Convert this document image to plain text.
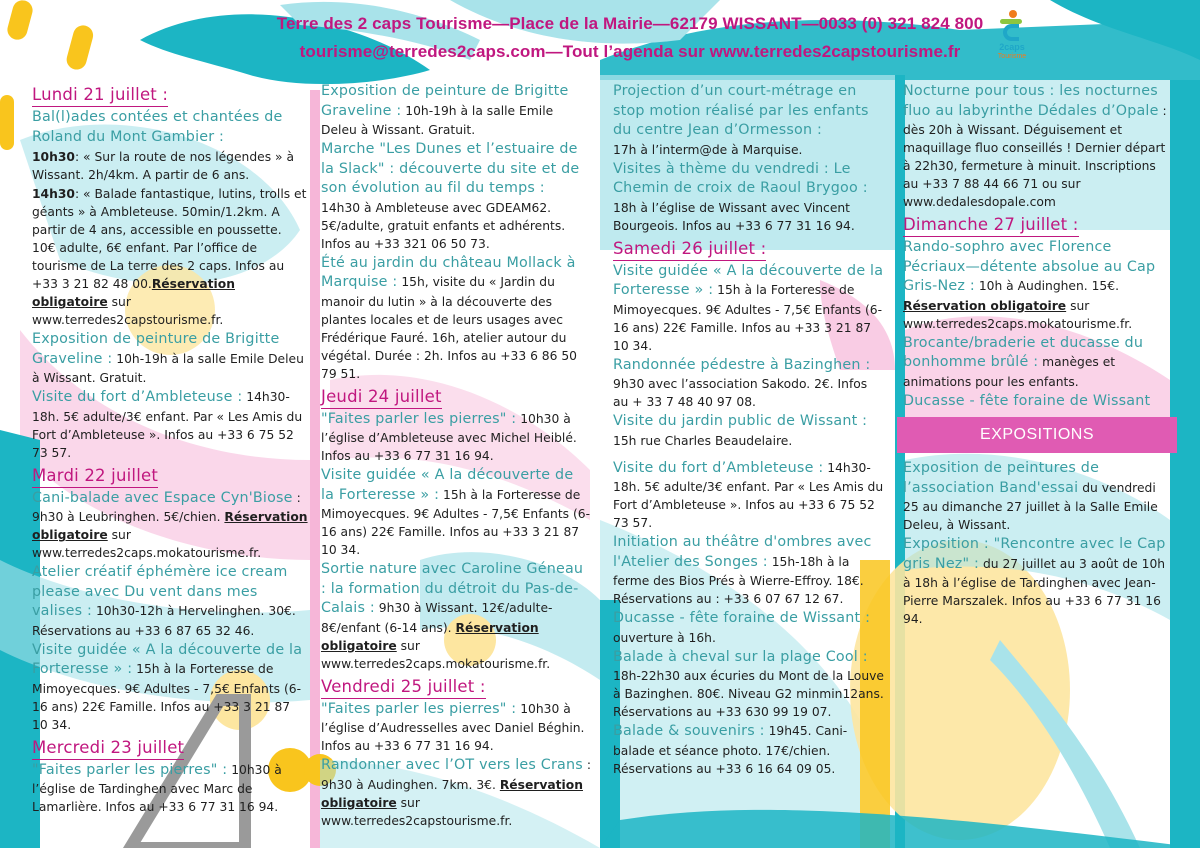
Terre des 2 caps Tourisme—Place de la Mairie—62179 WISSANT—0033 (0) 321 824 800
tourisme@terredes2caps.com—Tout l’agenda sur www.terredes2capstourisme.fr	2caps
Tourisme
Lundi 21 juillet :
Bal(l)ades contées et chantées de Roland du Mont Gambier :
10h30: « Sur la route de nos légendes » à Wissant. 2h/4km. A partir de 6 ans.
14h30: « Balade fantastique, lutins, trolls et géants » à Ambleteuse. 50min/1.2km. A partir de 4 ans, accessible en poussette. 10€ adulte, 6€ enfant. Par l’office de tourisme de La terre des 2 caps. Infos au +33 3 21 82 48 00.Réservation obligatoire sur www.terredes2capstourisme.fr.
Exposition de peinture de Brigitte Graveline : 10h-19h à la salle Emile Deleu à Wissant. Gratuit.
Visite du fort d’Ambleteuse : 14h30-18h. 5€ adulte/3€ enfant. Par « Les Amis du Fort d’Ambleteuse ». Infos au +33 6 75 52 73 57.
Mardi 22 juillet
Cani-balade avec Espace Cyn'Biose : 9h30 à Leubringhen. 5€/chien. Réservation obligatoire sur www.terredes2caps.mokatourisme.fr.
Atelier créatif éphémère ice cream please avec Du vent dans mes valises : 10h30-12h à Hervelinghen. 30€. Réservations au +33 6 87 65 32 46.
Visite guidée « A la découverte de la Forteresse » : 15h à la Forteresse de Mimoyecques. 9€ Adultes - 7,5€ Enfants (6-16 ans) 22€ Famille. Infos au +33 3 21 87 10 34.
Mercredi 23 juillet
"Faites parler les pierres" : 10h30 à l’église de Tardinghen avec Marc de Lamarlière. Infos au +33 6 77 31 16 94.
Exposition de peinture de Brigitte Graveline : 10h-19h à la salle Emile Deleu à Wissant. Gratuit.
Marche "Les Dunes et l’estuaire de la Slack" : découverte du site et de son évolution au fil du temps :
14h30 à Ambleteuse avec GDEAM62. 5€/adulte, gratuit enfants et adhérents. Infos au +33 321 06 50 73.
Été au jardin du château Mollack à Marquise : 15h, visite du « Jardin du manoir du lutin » à la découverte des plantes locales et de leurs usages avec Frédérique Fauré. 16h, atelier autour du végétal. Durée : 2h. Infos au +33 6 86 50 79 51.
Jeudi 24 juillet
"Faites parler les pierres" : 10h30 à l’église d’Ambleteuse avec Michel Heiblé. Infos au +33 6 77 31 16 94.
Visite guidée « A la découverte de la Forteresse » : 15h à la Forteresse de Mimoyecques. 9€ Adultes - 7,5€ Enfants (6-16 ans) 22€ Famille. Infos au +33 3 21 87 10 34.
Sortie nature avec Caroline Géneau : la formation du détroit du Pas-de-Calais : 9h30 à Wissant. 12€/adulte-8€/enfant (6-14 ans). Réservation obligatoire sur www.terredes2caps.mokatourisme.fr.
Vendredi 25 juillet :
"Faites parler les pierres" : 10h30 à l’église d’Audresselles avec Daniel Béghin. Infos au +33 6 77 31 16 94.
Randonner avec l’OT vers les Crans : 9h30 à Audinghen. 7km. 3€. Réservation obligatoire sur www.terredes2capstourisme.fr.
Projection d’un court-métrage en stop motion réalisé par les enfants du centre Jean d’Ormesson :
17h à l’interm@de à Marquise.
Visites à thème du vendredi : Le Chemin de croix de Raoul Brygoo :
18h à l’église de Wissant avec Vincent Bourgeois. Infos au +33 6 77 31 16 94.
Samedi 26 juillet :
Visite guidée « A la découverte de la Forteresse » : 15h à la Forteresse de Mimoyecques. 9€ Adultes - 7,5€ Enfants (6-16 ans) 22€ Famille. Infos au +33 3 21 87 10 34.
Randonnée pédestre à Bazinghen :
9h30 avec l’association Sakodo. 2€. Infos au + 33 7 48 40 97 08.
Visite du jardin public de Wissant : 15h rue Charles Beaudelaire.
Visite du fort d’Ambleteuse : 14h30-18h. 5€ adulte/3€ enfant. Par « Les Amis du Fort d’Ambleteuse ». Infos au +33 6 75 52 73 57.
Initiation au théâtre d'ombres avec l'Atelier des Songes : 15h-18h à la ferme des Bios Prés à Wierre-Effroy. 18€. Réservations au : +33 6 07 67 12 67.
Ducasse - fête foraine de Wissant :
ouverture à 16h.
Balade à cheval sur la plage Cool :
18h-22h30 aux écuries du Mont de la Louve à Bazinghen. 80€. Niveau G2 minmin12ans. Réservations au +33 630 99 19 07.
Balade & souvenirs : 19h45. Cani-balade et séance photo. 17€/chien. Réservations au +33 6 16 64 09 05.
Nocturne pour tous : les nocturnes fluo au labyrinthe Dédales d’Opale : dès 20h à Wissant. Déguisement et maquillage fluo conseillés ! Dernier départ à 22h30, fermeture à minuit. Inscriptions au +33 7 88 44 66 71 ou sur www.dedalesdopale.com
Dimanche 27 juillet :
Rando-sophro avec Florence Pécriaux—détente absolue au Cap Gris-Nez : 10h à Audinghen. 15€. Réservation obligatoire sur www.terredes2caps.mokatourisme.fr.
Brocante/braderie et ducasse du bonhomme brûlé : manèges et animations pour les enfants.
Ducasse - fête foraine de Wissant
EXPOSITIONS
Exposition de peintures de l’association Band'essai du vendredi 25 au dimanche 27 juillet à la Salle Emile Deleu, à Wissant.
Exposition : "Rencontre avec le Cap gris Nez" : du 27 juillet au 3 août de 10h à 18h à l’église de Tardinghen avec Jean-Pierre Marszalek. Infos au +33 6 77 31 16 94.
